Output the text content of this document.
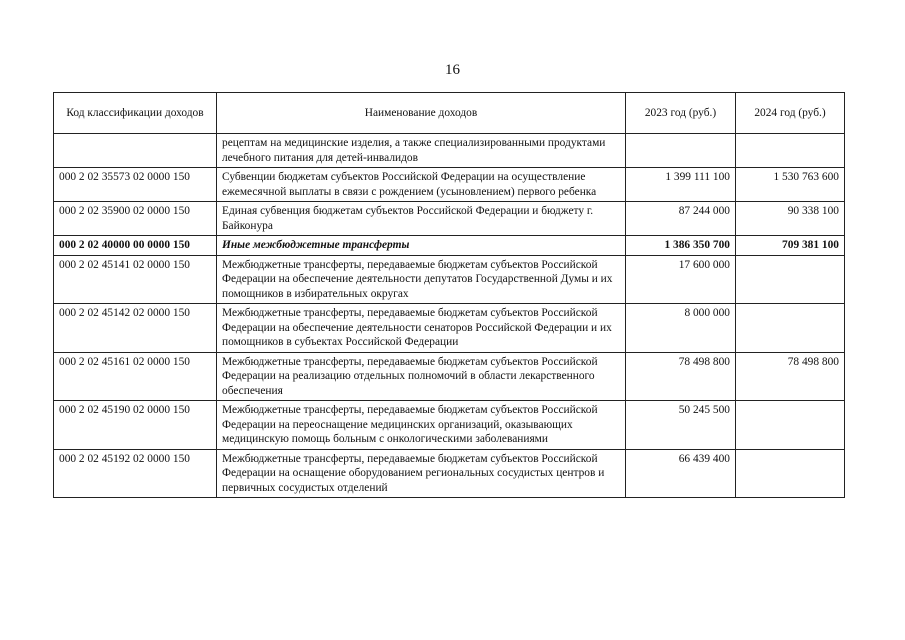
16
Код классификации доходов	Наименование доходов	2023 год (руб.)	2024 год (руб.)
	рецептам на медицинские изделия, а также специализированными продуктами лечебного питания для детей-инвалидов		
000 2 02 35573 02 0000 150	Субвенции бюджетам субъектов Российской Федерации на осуществление ежемесячной выплаты в связи с рождением (усыновлением) первого ребенка	1 399 111 100	1 530 763 600
000 2 02 35900 02 0000 150	Единая субвенция бюджетам субъектов Российской Федерации и бюджету г. Байконура	87 244 000	90 338 100
000 2 02 40000 00 0000 150	Иные межбюджетные трансферты	1 386 350 700	709 381 100
000 2 02 45141 02 0000 150	Межбюджетные трансферты, передаваемые бюджетам субъектов Российской Федерации на обеспечение деятельности депутатов Государственной Думы и их помощников в избирательных округах	17 600 000	
000 2 02 45142 02 0000 150	Межбюджетные трансферты, передаваемые бюджетам субъектов Российской Федерации на обеспечение деятельности сенаторов Российской Федерации и их помощников в субъектах Российской Федерации	8 000 000	
000 2 02 45161 02 0000 150	Межбюджетные трансферты, передаваемые бюджетам субъектов Российской Федерации на реализацию отдельных полномочий в области лекарственного обеспечения	78 498 800	78 498 800
000 2 02 45190 02 0000 150	Межбюджетные трансферты, передаваемые бюджетам субъектов Российской Федерации на переоснащение медицинских организаций, оказывающих медицинскую помощь больным с онкологическими заболеваниями	50 245 500	
000 2 02 45192 02 0000 150	Межбюджетные трансферты, передаваемые бюджетам субъектов Российской Федерации на оснащение оборудованием региональных сосудистых центров и первичных сосудистых отделений	66 439 400	
